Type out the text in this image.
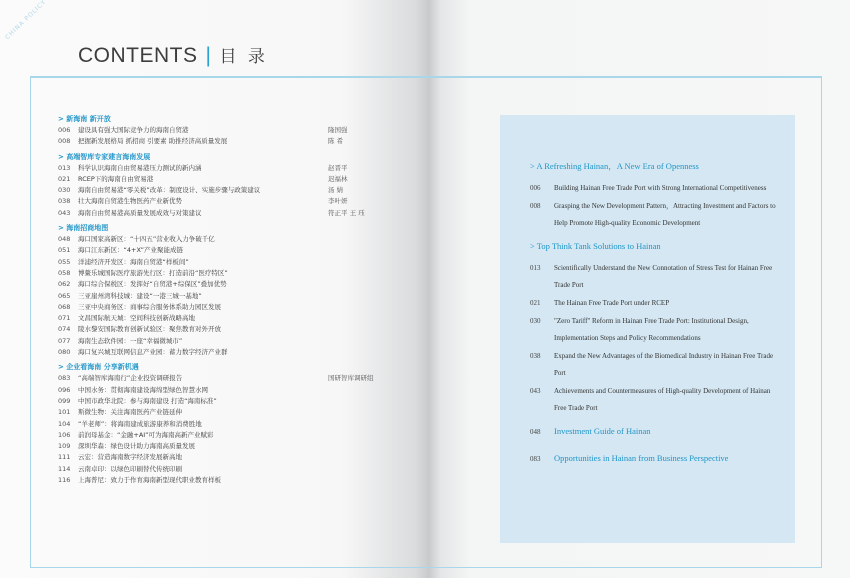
CONTENTS | 目 录
> 新海南 新开放
006 建设具有强大国际竞争力的海南自贸港	隆国强
008 把握新发展格局 抓招商 引要素 助推经济高质量发展	陈 希
> 高端智库专家建言海南发展
013 科学认识海南自由贸易港压力测试的新内涵	赵晋平
021 RCEP下的海南自由贸易港	迟福林
030 海南自由贸易港“零关税”改革：制度设计、实施步骤与政策建议	汤 婧
038 壮大海南自贸港生物医药产业新优势	李叶妍
043 海南自由贸易港高质量发展成效与对策建议	符正平 王 珏
> 海南招商地图
048 海口国家高新区：“十四五”营业收入力争破千亿
051 海口江东新区：“4+X”产业聚能成链
055 洋浦经济开发区：海南自贸港“样板间”
058 博鳌乐城国际医疗旅游先行区：打造前沿“医疗特区”
062 海口综合保税区：发挥好“自贸港+综保区”叠加优势
065 三亚崖州湾科技城：建设“一港三城一基地”
068 三亚中央商务区：商事综合服务体系助力园区发展
071 文昌国际航天城：空间科技创新战略高地
074 陵水黎安国际教育创新试验区：聚焦教育对外开放
077 海南生态软件园：一座“幸福微城市”
080 海口复兴城互联网信息产业园：蓄力数字经济产业群
> 企业看海南 分享新机遇
083 “高端智库海南行”企业投资调研报告	国研智库调研组
096 中国水务：贯彻海南建设海绵型绿色智慧水网
099 中国市政华北院：参与海南建设 打造“海南标准”
101 斯微生物：关注海南医药产业链延伸
104 “羊老师”：将海南建成旅游康养和消费胜地
106 前润母基金：“金融+AI”可为海南高新产业赋彩
109 深圳华森：绿色设计助力海南高质量发展
111 云宏：营造海南数字经济发展新高地
114 云南卓印：以绿色印刷替代传统印刷
116 上海普尼：致力于作育海南新型现代职业教育样板
> A Refreshing Hainan，A New Era of Openness
006 Building Hainan Free Trade Port with Strong International Competitiveness
008 Grasping the New Development Pattern，Attracting Investment and Factors to Help Promote High-quality Economic Development
> Top Think Tank Solutions to Hainan
013 Scientifically Understand the New Connotation of Stress Test for Hainan Free Trade Port
021 The Hainan Free Trade Port under RCEP
030 "Zero Tariff" Reform in Hainan Free Trade Port: Institutional Design, Implementation Steps and Policy Recommendations
038 Expand the New Advantages of the Biomedical Industry in Hainan Free Trade Port
043 Achievements and Countermeasures of High-quality Development of Hainan Free Trade Port
048 Investment Guide of Hainan
083 Opportunities in Hainan from Business Perspective
